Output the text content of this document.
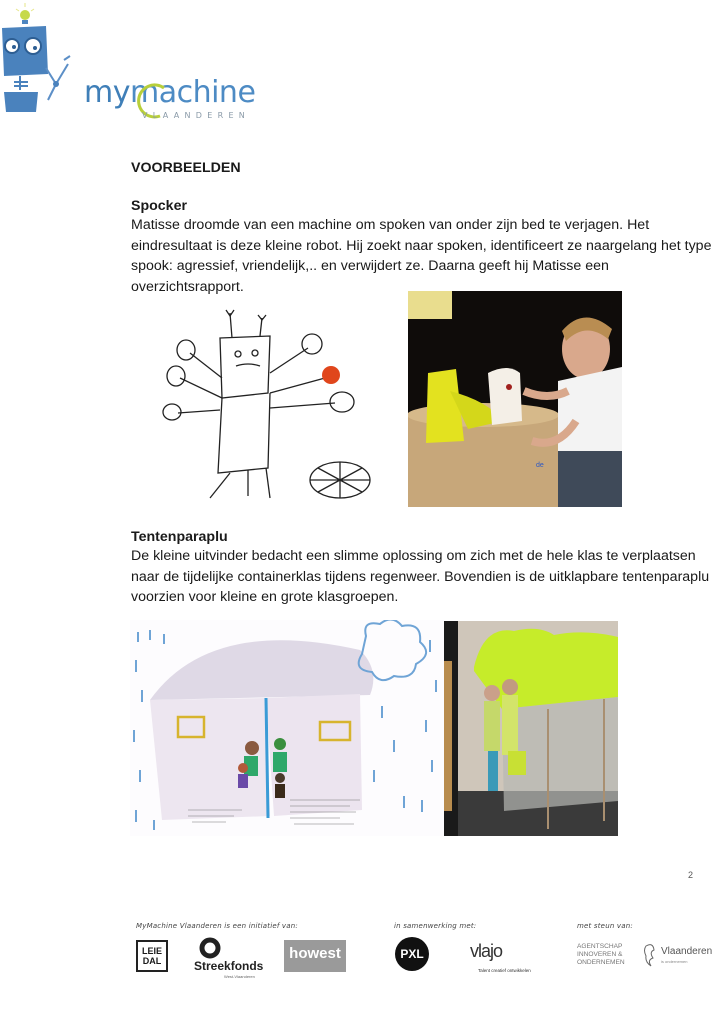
mymachine
VLAANDEREN
VOORBEELDEN
Spocker
Matisse droomde van een machine om spoken van onder zijn bed te verjagen. Het eindresultaat is deze kleine robot. Hij zoekt naar spoken, identificeert ze naargelang het type spook: agressief, vriendelijk,.. en verwijdert ze. Daarna geeft hij Matisse een overzichtsrapport.
de
Tentenparaplu
De kleine uitvinder bedacht een slimme oplossing om zich met de hele klas te verplaatsen naar de tijdelijke containerklas tijdens regenweer. Bovendien is de uitklapbare tentenparaplu voorzien voor kleine en grote klasgroepen.
2
MyMachine Vlaanderen is een initiatief van:	in samenwerking met:	met steun van:
LEIE DAL	Streekfonds
West-Vlaanderen
howest	PXL	vlajo
Talent creatief ontwikkelen
AGENTSCHAP INNOVEREN & ONDERNEMEN
Vlaanderen
is ondernemen
